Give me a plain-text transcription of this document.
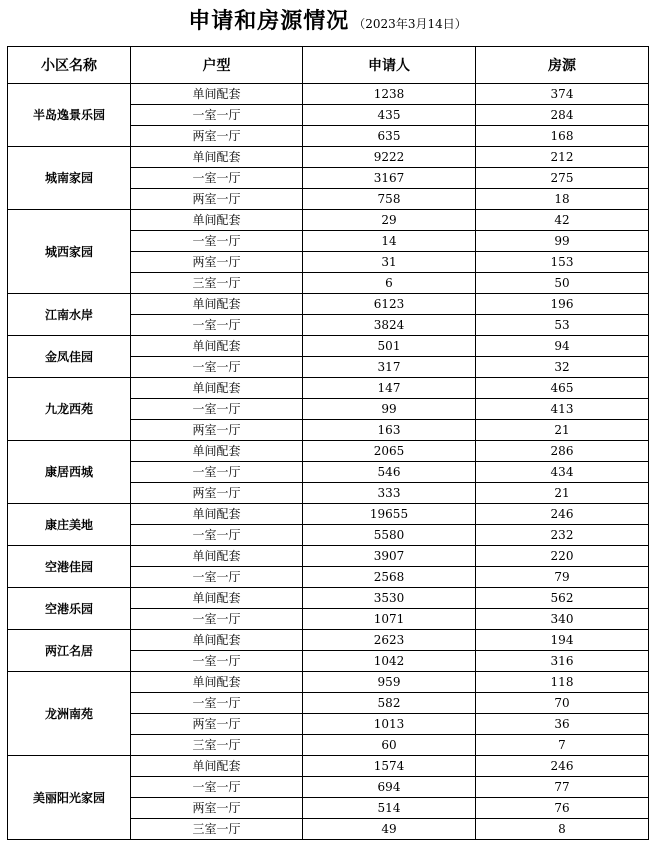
申请和房源情况 （2023年3月14日）
小区名称	户型	申请人	房源
半岛逸景乐园	单间配套	1238	374
	一室一厅	435	284
	两室一厅	635	168
城南家园	单间配套	9222	212
	一室一厅	3167	275
	两室一厅	758	18
城西家园	单间配套	29	42
	一室一厅	14	99
	两室一厅	31	153
	三室一厅	6	50
江南水岸	单间配套	6123	196
	一室一厅	3824	53
金凤佳园	单间配套	501	94
	一室一厅	317	32
九龙西苑	单间配套	147	465
	一室一厅	99	413
	两室一厅	163	21
康居西城	单间配套	2065	286
	一室一厅	546	434
	两室一厅	333	21
康庄美地	单间配套	19655	246
	一室一厅	5580	232
空港佳园	单间配套	3907	220
	一室一厅	2568	79
空港乐园	单间配套	3530	562
	一室一厅	1071	340
两江名居	单间配套	2623	194
	一室一厅	1042	316
龙洲南苑	单间配套	959	118
	一室一厅	582	70
	两室一厅	1013	36
	三室一厅	60	7
美丽阳光家园	单间配套	1574	246
	一室一厅	694	77
	两室一厅	514	76
	三室一厅	49	8
